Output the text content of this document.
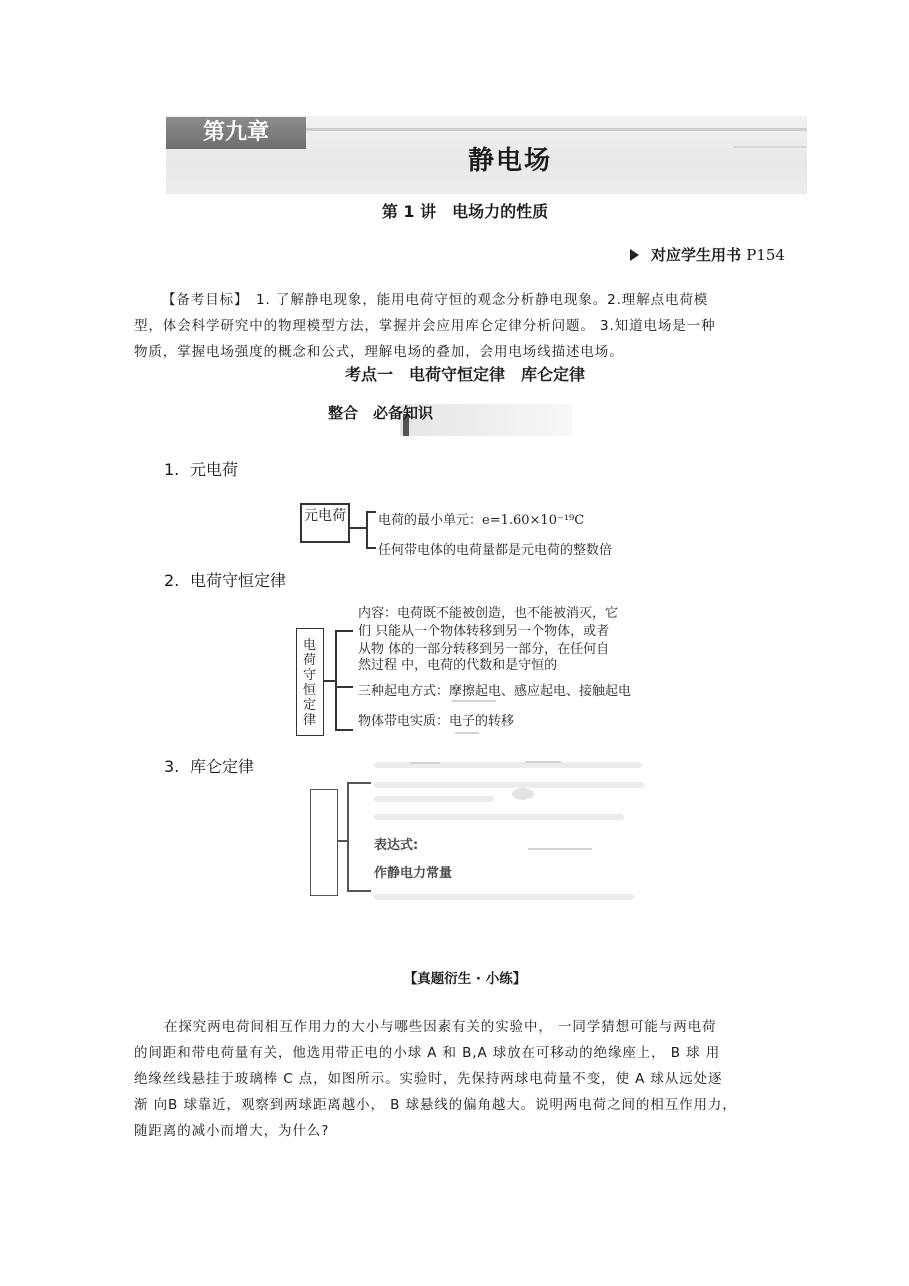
第九章
静电场
第 1 讲　电场力的性质
对应学生用书 P154
【备考目标】　1. 了解静电现象，能用电荷守恒的观念分析静电现象。2.理解点电荷模
型，体会科学研究中的物理模型方法，掌握并会应用库仑定律分析问题。 3.知道电场是一种
物质，掌握电场强度的概念和公式，理解电场的叠加，会用电场线描述电场。
考点一　电荷守恒定律　库仑定律
整合　必备知识
1. 元电荷
元电荷 电荷的最小单元：e=1.60×10⁻¹⁹C
任何带电体的电荷量都是元电荷的整数倍
2. 电荷守恒定律
电荷守恒定律
内容：电荷既不能被创造，也不能被消灭，它
们 只能从一个物体转移到另一个物体，或者
从物 体的一部分转移到另一部分，在任何自
然过程 中，电荷的代数和是守恒的
三种起电方式：摩擦起电、感应起电、接触起电
物体带电实质：电子的转移
3. 库仑定律
表达式:
作静电力常量
【真题衍生 · 小练】
在探究两电荷间相互作用力的大小与哪些因素有关的实验中， 一同学猜想可能与两电荷
的间距和带电荷量有关，他选用带正电的小球 A 和 B,A 球放在可移动的绝缘座上， B 球 用
绝缘丝线悬挂于玻璃棒 C 点，如图所示。实验时，先保持两球电荷量不变，使 A 球从远处逐
渐 向B 球靠近，观察到两球距离越小， B 球悬线的偏角越大。说明两电荷之间的相互作用力，
随距离的减小而增大，为什么?
